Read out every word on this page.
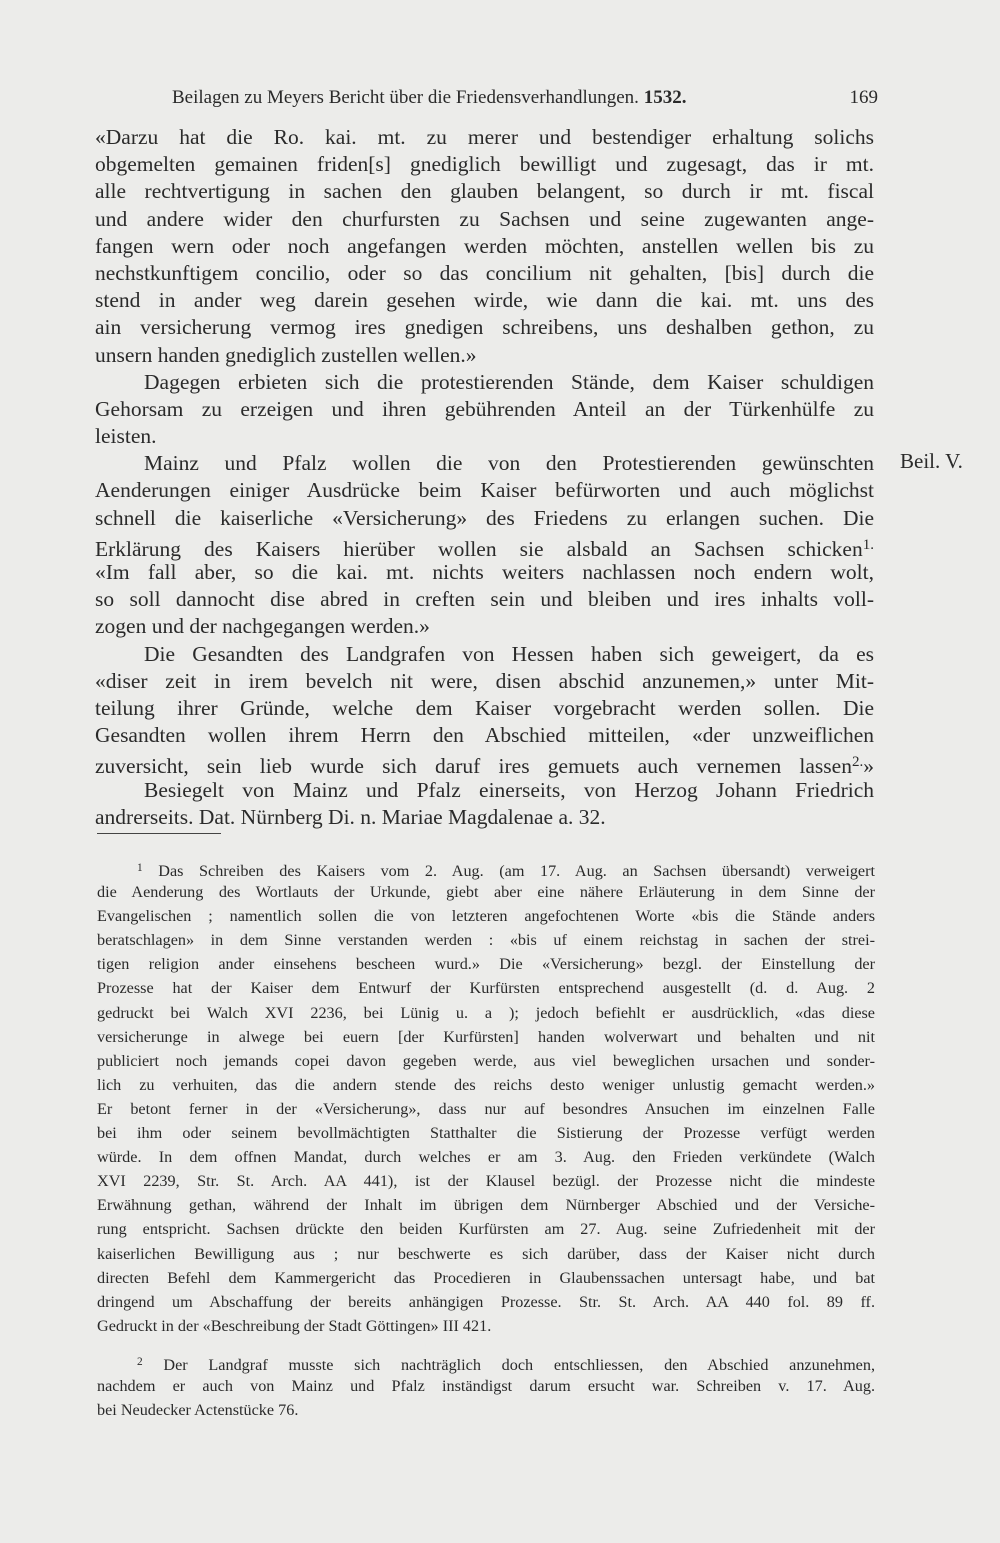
Beilagen zu Meyers Bericht über die Friedensverhandlungen. 1532.	169
«Darzu hat die Ro. kai. mt. zu merer und bestendiger erhaltung solichs
obgemelten gemainen friden[s] gnediglich bewilligt und zugesagt, das ir mt.
alle rechtvertigung in sachen den glauben belangent, so durch ir mt. fiscal
und andere wider den churfursten zu Sachsen und seine zugewanten ange-
fangen wern oder noch angefangen werden möchten, anstellen wellen bis zu
nechstkunftigem concilio, oder so das concilium nit gehalten, [bis] durch die
stend in ander weg darein gesehen wirde, wie dann die kai. mt. uns des
ain versicherung vermog ires gnedigen schreibens, uns deshalben gethon, zu
unsern handen gnediglich zustellen wellen.»
Dagegen erbieten sich die protestierenden Stände, dem Kaiser schuldigen
Gehorsam zu erzeigen und ihren gebührenden Anteil an der Türkenhülfe zu
leisten.
Mainz und Pfalz wollen die von den Protestierenden gewünschten
Aenderungen einiger Ausdrücke beim Kaiser befürworten und auch möglichst
schnell die kaiserliche «Versicherung» des Friedens zu erlangen suchen. Die
Erklärung des Kaisers hierüber wollen sie alsbald an Sachsen schicken$^{1.}$
«Im fall aber, so die kai. mt. nichts weiters nachlassen noch endern wolt,
so soll dannocht dise abred in creften sein und bleiben und ires inhalts voll-
zogen und der nachgegangen werden.»
Die Gesandten des Landgrafen von Hessen haben sich geweigert, da es
«diser zeit in irem bevelch nit were, disen abschid anzunemen,» unter Mit-
teilung ihrer Gründe, welche dem Kaiser vorgebracht werden sollen. Die
Gesandten wollen ihrem Herrn den Abschied mitteilen, «der unzweiflichen
zuversicht, sein lieb wurde sich daruf ires gemuets auch vernemen lassen$^{2.}$»
Besiegelt von Mainz und Pfalz einerseits, von Herzog Johann Friedrich
andrerseits. Dat. Nürnberg Di. n. Mariae Magdalenae a. 32.
Beil. V.
$^1$ Das Schreiben des Kaisers vom 2. Aug. (am 17. Aug. an Sachsen übersandt) verweigert
die Aenderung des Wortlauts der Urkunde, giebt aber eine nähere Erläuterung in dem Sinne der
Evangelischen ; namentlich sollen die von letzteren angefochtenen Worte «bis die Stände anders
beratschlagen» in dem Sinne verstanden werden : «bis uf einem reichstag in sachen der strei-
tigen religion ander einsehens bescheen wurd.» Die «Versicherung» bezgl. der Einstellung der
Prozesse hat der Kaiser dem Entwurf der Kurfürsten entsprechend ausgestellt (d. d. Aug. 2
gedruckt bei Walch XVI 2236, bei Lünig u. a ); jedoch befiehlt er ausdrücklich, «das diese
versicherunge in alwege bei euern [der Kurfürsten] handen wolverwart und behalten und nit
publiciert noch jemands copei davon gegeben werde, aus viel beweglichen ursachen und sonder-
lich zu verhuiten, das die andern stende des reichs desto weniger unlustig gemacht werden.»
Er betont ferner in der «Versicherung», dass nur auf besondres Ansuchen im einzelnen Falle
bei ihm oder seinem bevollmächtigten Statthalter die Sistierung der Prozesse verfügt werden
würde. In dem offnen Mandat, durch welches er am 3. Aug. den Frieden verkündete (Walch
XVI 2239, Str. St. Arch. AA 441), ist der Klausel bezügl. der Prozesse nicht die mindeste
Erwähnung gethan, während der Inhalt im übrigen dem Nürnberger Abschied und der Versiche-
rung entspricht. Sachsen drückte den beiden Kurfürsten am 27. Aug. seine Zufriedenheit mit der
kaiserlichen Bewilligung aus ; nur beschwerte es sich darüber, dass der Kaiser nicht durch
directen Befehl dem Kammergericht das Procedieren in Glaubenssachen untersagt habe, und bat
dringend um Abschaffung der bereits anhängigen Prozesse. Str. St. Arch. AA 440 fol. 89 ff.
Gedruckt in der «Beschreibung der Stadt Göttingen» III 421.
$^2$ Der Landgraf musste sich nachträglich doch entschliessen, den Abschied anzunehmen,
nachdem er auch von Mainz und Pfalz inständigst darum ersucht war. Schreiben v. 17. Aug.
bei Neudecker Actenstücke 76.
